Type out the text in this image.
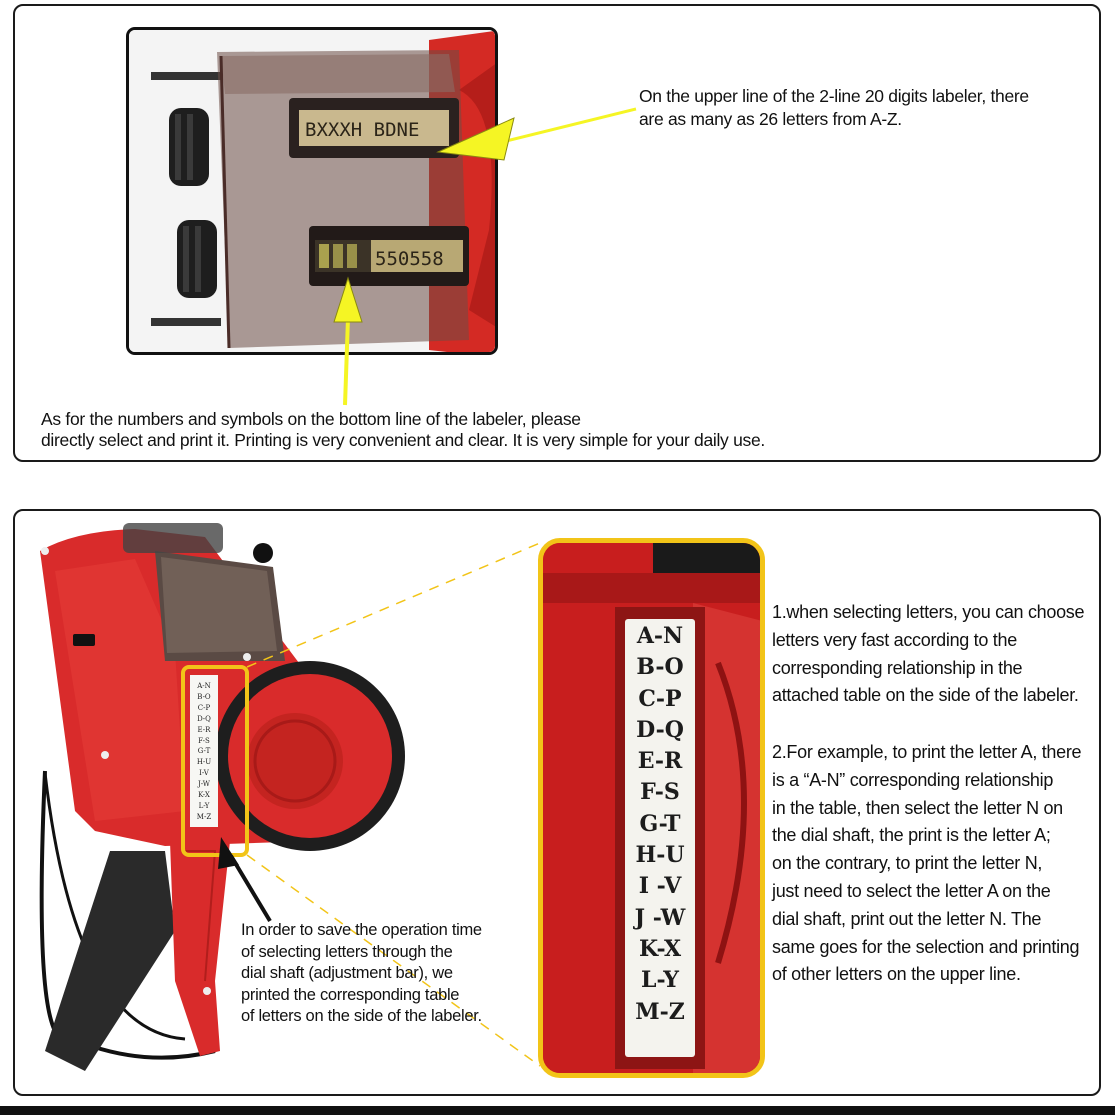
BXXXH BDNE
550558
On the upper line of the 2-line 20 digits labeler, there
are as many as 26 letters from A-Z.
As for the numbers and symbols on the bottom line of the labeler, please
directly select and print it. Printing is very convenient and clear. It is very simple for your daily use.
A-N
B-O
C-P
D-Q
E-R
F-S
G-T
H-U
I-V
J-W
K-X
L-Y
M-Z
A-N
B-O
C-P
D-Q
E-R
F-S
G-T
H-U
I -V
J -W
K-X
L-Y
M-Z
In order to save the operation time
of selecting letters through the
dial shaft (adjustment bar), we
printed the corresponding table
of letters on the side of the labeler.
1.when selecting letters, you can choose
letters very fast according to the
corresponding relationship in the
attached table on the side of the labeler.
2.For example, to print the letter A, there
is a “A-N” corresponding relationship
in the table, then select the letter N on
the dial shaft, the print is the letter A;
on the contrary, to print the letter N,
just need to select the letter A on the
dial shaft, print out the letter N. The
same goes for the selection and printing
of other letters on the upper line.
